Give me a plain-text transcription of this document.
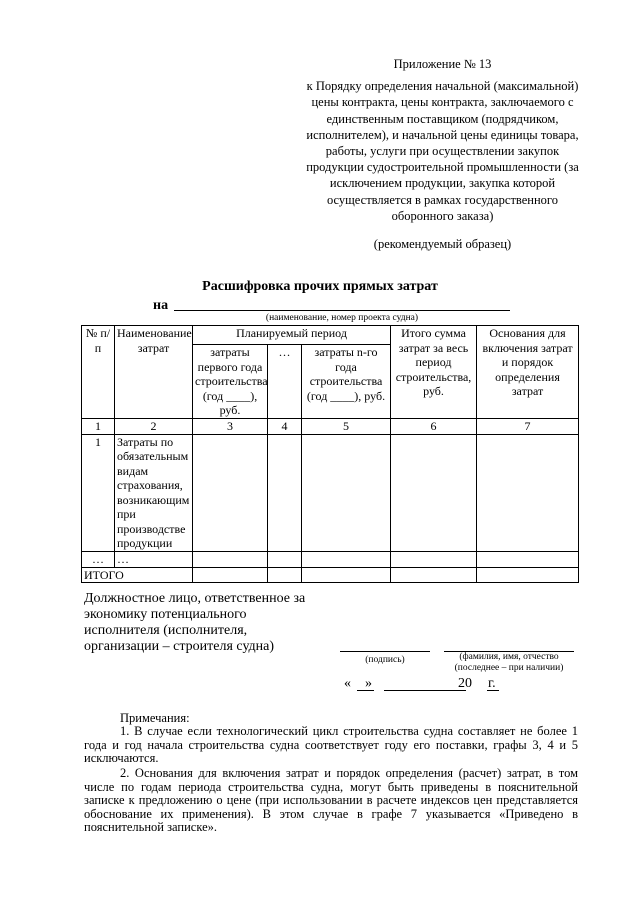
Приложение № 13
к Порядку определения начальной (максимальной) цены контракта, цены контракта, заключаемого с единственным поставщиком (подрядчиком, исполнителем), и начальной цены единицы товара, работы, услуги при осуществлении закупок продукции судостроительной промышленности (за исключением продукции, закупка которой осуществляется в рамках государственного оборонного заказа)
(рекомендуемый образец)
Расшифровка прочих прямых затрат
на
(наименование, номер проекта судна)
№ п/п	Наименование затрат	Планируемый период			Итого сумма затрат за весь период строительства, руб.	Основания для включения затрат и порядок определения затрат
		затраты первого года строительства (год ____), руб.	…	затраты n-го года строительства (год ____), руб.		
1	2	3	4	5	6	7
1	Затраты по обязательным видам страхования, возникающим при производстве продукции					
…	…					
ИТОГО						
Должностное лицо, ответственное за экономику потенциального исполнителя (исполнителя, организации – строителя судна)
(подпись)	(фамилия, имя, отчество (последнее – при наличии)
« »	20 г.
Примечания:
1. В случае если технологический цикл строительства судна составляет не более 1 года и год начала строительства судна соответствует году его поставки, графы 3, 4 и 5 исключаются.
2. Основания для включения затрат и порядок определения (расчет) затрат, в том числе по годам периода строительства судна, могут быть приведены в пояснительной записке к предложению о цене (при использовании в расчете индексов цен представляется обоснование их применения). В этом случае в графе 7 указывается «Приведено в пояснительной записке».
